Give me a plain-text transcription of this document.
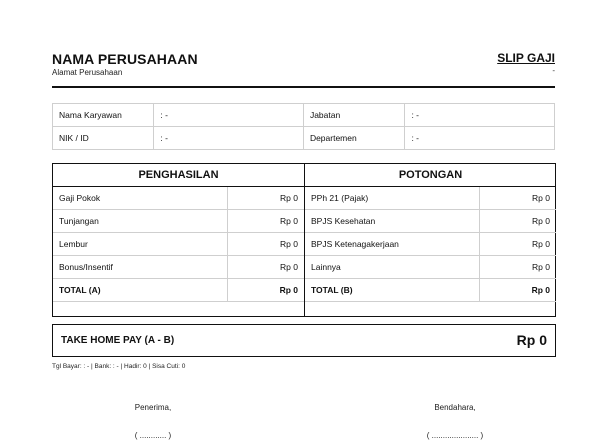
NAMA PERUSAHAAN
Alamat Perusahaan
SLIP GAJI
-
Nama Karyawan	: -	Jabatan	: -
NIK / ID	: -	Departemen	: -
PENGHASILAN
Gaji Pokok	Rp 0
Tunjangan	Rp 0
Lembur	Rp 0
Bonus/Insentif	Rp 0
TOTAL (A)	Rp 0
POTONGAN
PPh 21 (Pajak)	Rp 0
BPJS Kesehatan	Rp 0
BPJS Ketenagakerjaan	Rp 0
Lainnya	Rp 0
TOTAL (B)	Rp 0
TAKE HOME PAY (A - B)	Rp 0
Tgl Bayar: : - | Bank: : - | Hadir: 0 | Sisa Cuti: 0
Penerima,	Bendahara,
( ............ )	( ..................... )
